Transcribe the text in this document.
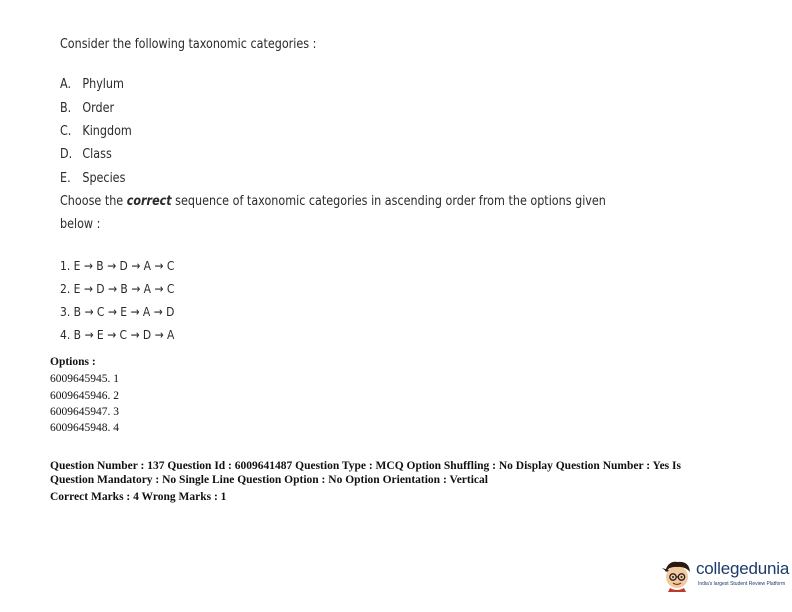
Consider the following taxonomic categories :
A. Phylum
B. Order
C. Kingdom
D. Class
E. Species
Choose the correct sequence of taxonomic categories in ascending order from the options given
below :
1. E → B → D → A → C
2. E → D → B → A → C
3. B → C → E → A → D
4. B → E → C → D → A
Options :
6009645945. 1
6009645946. 2
6009645947. 3
6009645948. 4
Question Number : 137 Question Id : 6009641487 Question Type : MCQ Option Shuffling : No Display Question Number : Yes Is
Question Mandatory : No Single Line Question Option : No Option Orientation : Vertical
Correct Marks : 4 Wrong Marks : 1
collegedunia
India's largest Student Review Platform
